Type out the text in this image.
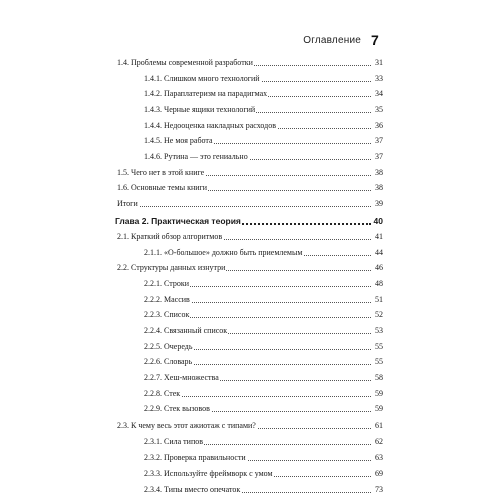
Оглавление 7
1.4. Проблемы современной разработки	31
1.4.1. Слишком много технологий	33
1.4.2. Параплатеризм на парадигмах	34
1.4.3. Черные ящики технологий	35
1.4.4. Недооценка накладных расходов	36
1.4.5. Не моя работа	37
1.4.6. Рутина — это гениально	37
1.5. Чего нет в этой книге	38
1.6. Основные темы книги	38
Итоги	39
Глава 2. Практическая теория	40
2.1. Краткий обзор алгоритмов	41
2.1.1. «О-большое» должно быть приемлемым	44
2.2. Структуры данных изнутри	46
2.2.1. Строки	48
2.2.2. Массив	51
2.2.3. Список	52
2.2.4. Связанный список	53
2.2.5. Очередь	55
2.2.6. Словарь	55
2.2.7. Хеш-множества	58
2.2.8. Стек	59
2.2.9. Стек вызовов	59
2.3. К чему весь этот ажиотаж с типами?	61
2.3.1. Сила типов	62
2.3.2. Проверка правильности	63
2.3.3. Используйте фреймворк с умом	69
2.3.4. Типы вместо опечаток	73
